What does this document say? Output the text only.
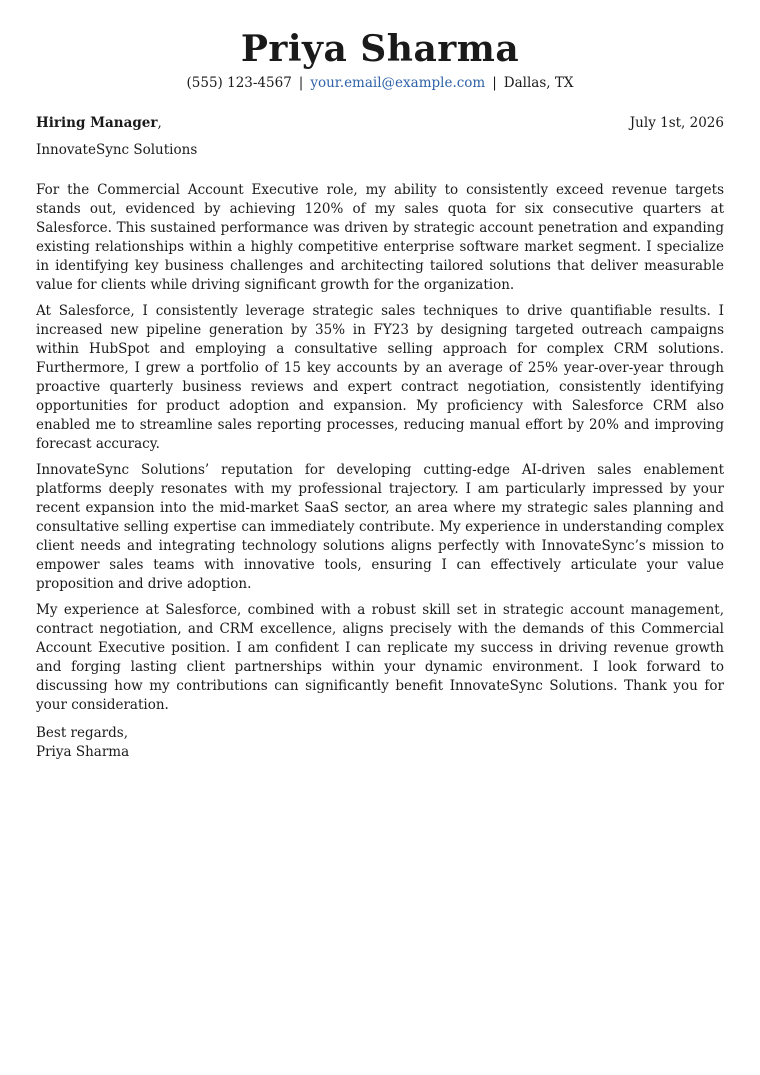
Priya Sharma
(555) 123-4567 | your.email@example.com | Dallas, TX
Hiring Manager,	July 1st, 2026
InnovateSync Solutions

For the Commercial Account Executive role, my ability to consistently exceed revenue targets stands out, evidenced by achieving 120% of my sales quota for six consecutive quarters at Salesforce. This sustained performance was driven by strategic account penetration and expanding existing relationships within a highly competitive enterprise software market segment. I specialize in identifying key business challenges and architecting tailored solutions that deliver measurable value for clients while driving significant growth for the organization.

At Salesforce, I consistently leverage strategic sales techniques to drive quantifiable results. I increased new pipeline generation by 35% in FY23 by designing targeted outreach campaigns within HubSpot and employing a consultative selling approach for complex CRM solutions. Furthermore, I grew a portfolio of 15 key accounts by an average of 25% year-over-year through proactive quarterly business reviews and expert contract negotiation, consistently identifying opportunities for product adoption and expansion. My proficiency with Salesforce CRM also enabled me to streamline sales reporting processes, reducing manual effort by 20% and improving forecast accuracy.

InnovateSync Solutions’ reputation for developing cutting-edge AI-driven sales enablement platforms deeply resonates with my professional trajectory. I am particularly impressed by your recent expansion into the mid-market SaaS sector, an area where my strategic sales planning and consultative selling expertise can immediately contribute. My experience in understanding complex client needs and integrating technology solutions aligns perfectly with InnovateSync’s mission to empower sales teams with innovative tools, ensuring I can effectively articulate your value proposition and drive adoption.

My experience at Salesforce, combined with a robust skill set in strategic account management, contract negotiation, and CRM excellence, aligns precisely with the demands of this Commercial Account Executive position. I am confident I can replicate my success in driving revenue growth and forging lasting client partnerships within your dynamic environment. I look forward to discussing how my contributions can significantly benefit InnovateSync Solutions. Thank you for your consideration.

Best regards,
Priya Sharma
